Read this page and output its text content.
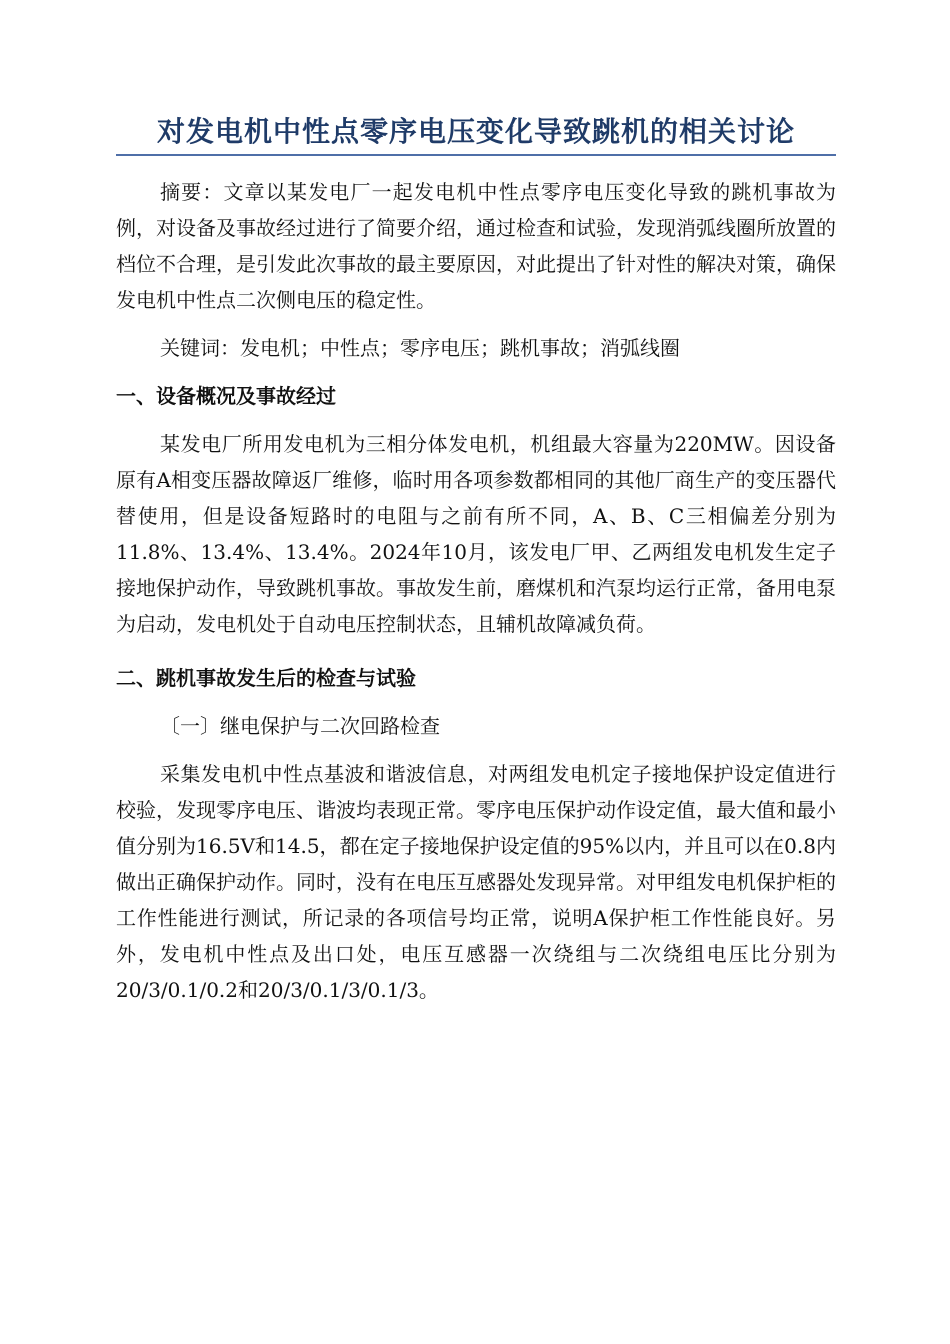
对发电机中性点零序电压变化导致跳机的相关讨论

摘要：文章以某发电厂一起发电机中性点零序电压变化导致的跳机事故为例，对设备及事故经过进行了简要介绍，通过检查和试验，发现消弧线圈所放置的档位不合理，是引发此次事故的最主要原因，对此提出了针对性的解决对策，确保发电机中性点二次侧电压的稳定性。

关键词：发电机；中性点；零序电压；跳机事故；消弧线圈

一、设备概况及事故经过

某发电厂所用发电机为三相分体发电机，机组最大容量为220MW。因设备原有A相变压器故障返厂维修，临时用各项参数都相同的其他厂商生产的变压器代替使用，但是设备短路时的电阻与之前有所不同，A、B、C三相偏差分别为11.8%、13.4%、13.4%。2024年10月，该发电厂甲、乙两组发电机发生定子接地保护动作，导致跳机事故。事故发生前，磨煤机和汽泵均运行正常，备用电泵为启动，发电机处于自动电压控制状态，且辅机故障减负荷。

二、跳机事故发生后的检查与试验

〔一〕继电保护与二次回路检查

采集发电机中性点基波和谐波信息，对两组发电机定子接地保护设定值进行校验，发现零序电压、谐波均表现正常。零序电压保护动作设定值，最大值和最小值分别为16.5V和14.5，都在定子接地保护设定值的95%以内，并且可以在0.8内做出正确保护动作。同时，没有在电压互感器处发现异常。对甲组发电机保护柜的工作性能进行测试，所记录的各项信号均正常，说明A保护柜工作性能良好。另外，发电机中性点及出口处，电压互感器一次绕组与二次绕组电压比分别为20/3/0.1/0.2和20/3/0.1/3/0.1/3。
